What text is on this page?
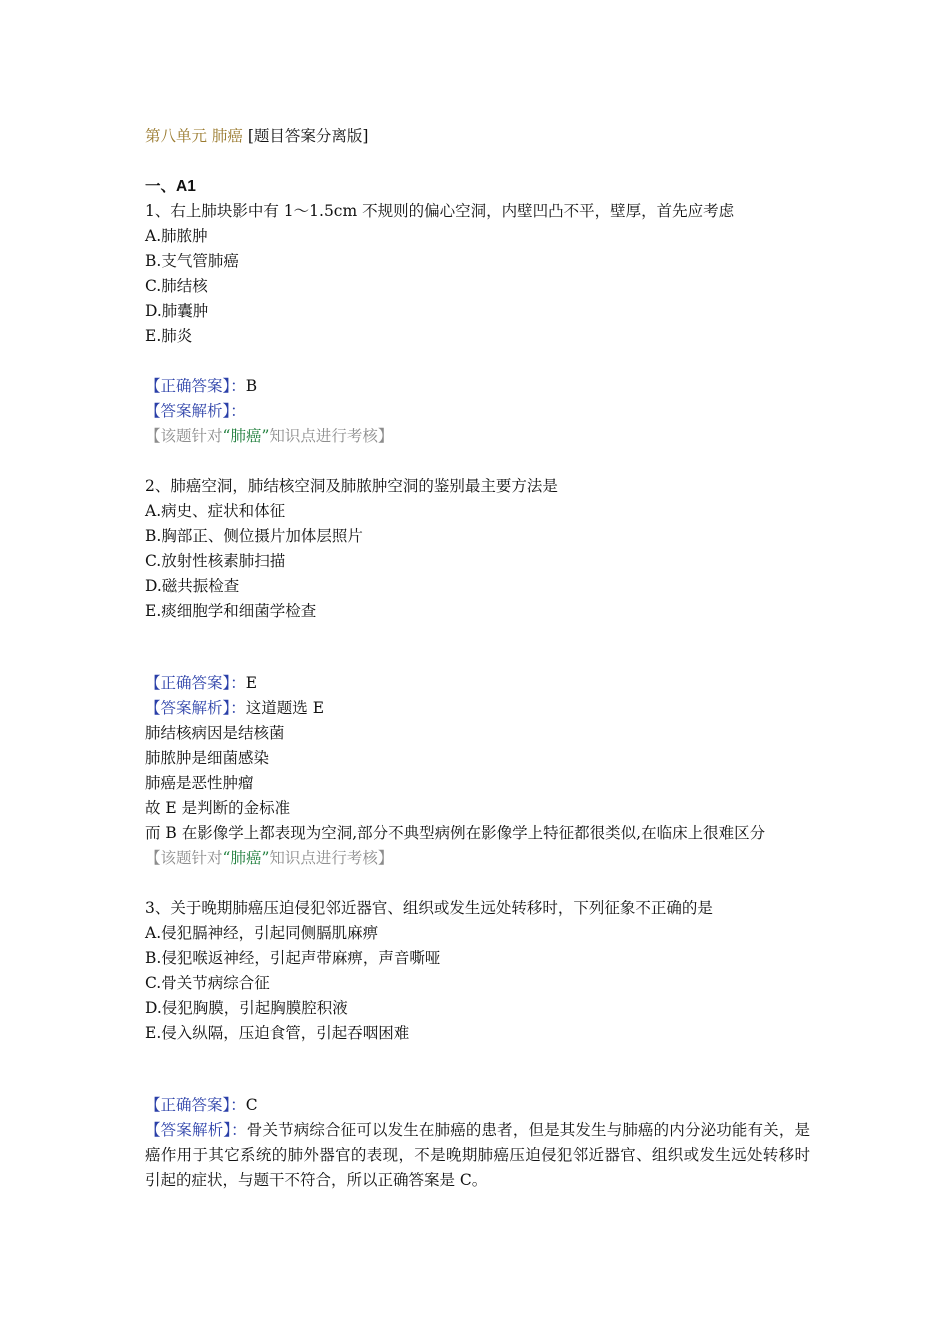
第八单元 肺癌 [题目答案分离版]
一、A1
1、右上肺块影中有 1～1.5cm 不规则的偏心空洞，内壁凹凸不平，壁厚，首先应考虑
A.肺脓肿
B.支气管肺癌
C.肺结核
D.肺囊肿
E.肺炎
【正确答案】：B
【答案解析】：
【该题针对“肺癌”知识点进行考核】
2、肺癌空洞，肺结核空洞及肺脓肿空洞的鉴别最主要方法是
A.病史、症状和体征
B.胸部正、侧位摄片加体层照片
C.放射性核素肺扫描
D.磁共振检查
E.痰细胞学和细菌学检查
【正确答案】：E
【答案解析】：这道题选 E
肺结核病因是结核菌
肺脓肿是细菌感染
肺癌是恶性肿瘤
故 E 是判断的金标准
而 B 在影像学上都表现为空洞,部分不典型病例在影像学上特征都很类似,在临床上很难区分
【该题针对“肺癌”知识点进行考核】
3、关于晚期肺癌压迫侵犯邻近器官、组织或发生远处转移时，下列征象不正确的是
A.侵犯膈神经，引起同侧膈肌麻痹
B.侵犯喉返神经，引起声带麻痹，声音嘶哑
C.骨关节病综合征
D.侵犯胸膜，引起胸膜腔积液
E.侵入纵隔，压迫食管，引起吞咽困难
【正确答案】：C
【答案解析】：骨关节病综合征可以发生在肺癌的患者，但是其发生与肺癌的内分泌功能有关，是癌作用于其它系统的肺外器官的表现，不是晚期肺癌压迫侵犯邻近器官、组织或发生远处转移时引起的症状，与题干不符合，所以正确答案是 C。
